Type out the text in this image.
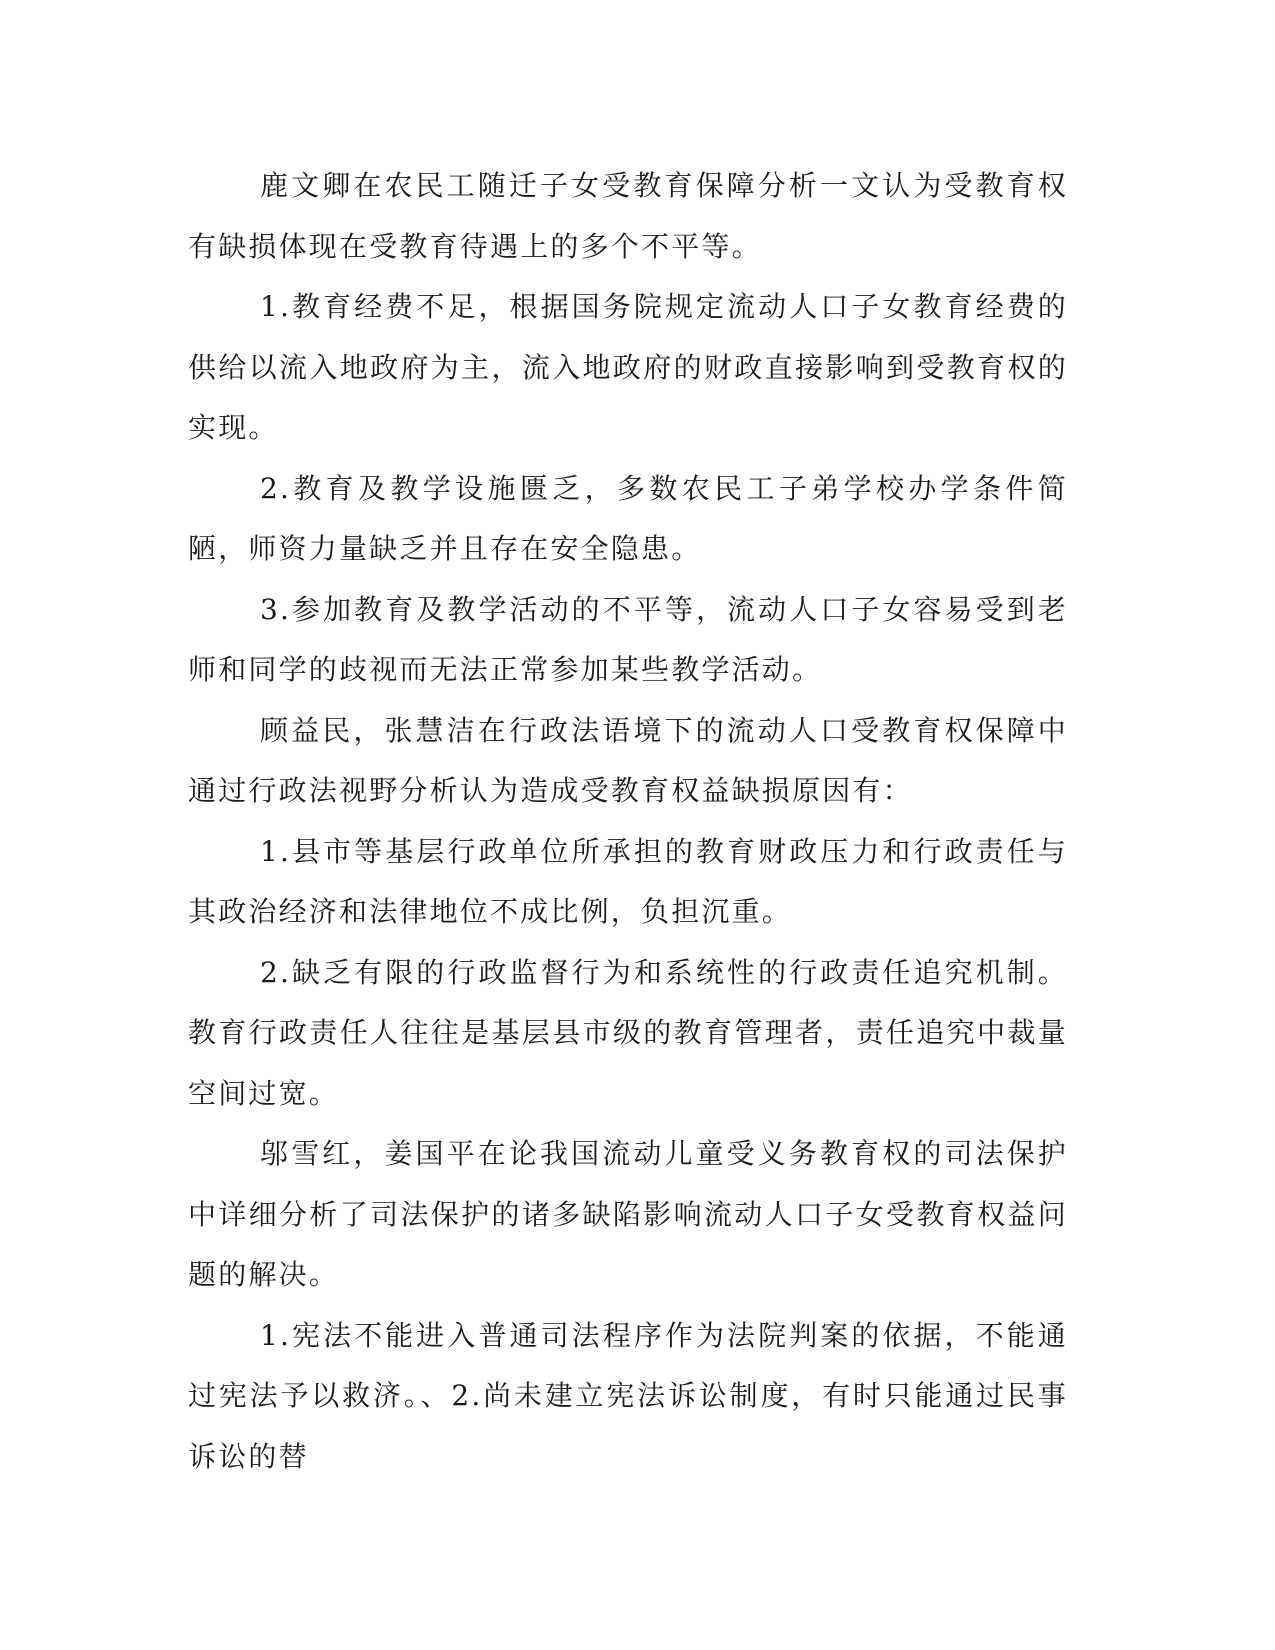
鹿文卿在农民工随迁子女受教育保障分析一文认为受教育权有缺损体现在受教育待遇上的多个不平等。

1.教育经费不足，根据国务院规定流动人口子女教育经费的供给以流入地政府为主，流入地政府的财政直接影响到受教育权的实现。

2.教育及教学设施匮乏，多数农民工子弟学校办学条件简陋，师资力量缺乏并且存在安全隐患。

3.参加教育及教学活动的不平等，流动人口子女容易受到老师和同学的歧视而无法正常参加某些教学活动。

顾益民，张慧洁在行政法语境下的流动人口受教育权保障中通过行政法视野分析认为造成受教育权益缺损原因有：

1.县市等基层行政单位所承担的教育财政压力和行政责任与其政治经济和法律地位不成比例，负担沉重。

2.缺乏有限的行政监督行为和系统性的行政责任追究机制。教育行政责任人往往是基层县市级的教育管理者，责任追究中裁量空间过宽。

邬雪红，姜国平在论我国流动儿童受义务教育权的司法保护中详细分析了司法保护的诸多缺陷影响流动人口子女受教育权益问题的解决。

1.宪法不能进入普通司法程序作为法院判案的依据，不能通过宪法予以救济。、2.尚未建立宪法诉讼制度，有时只能通过民事诉讼的替
